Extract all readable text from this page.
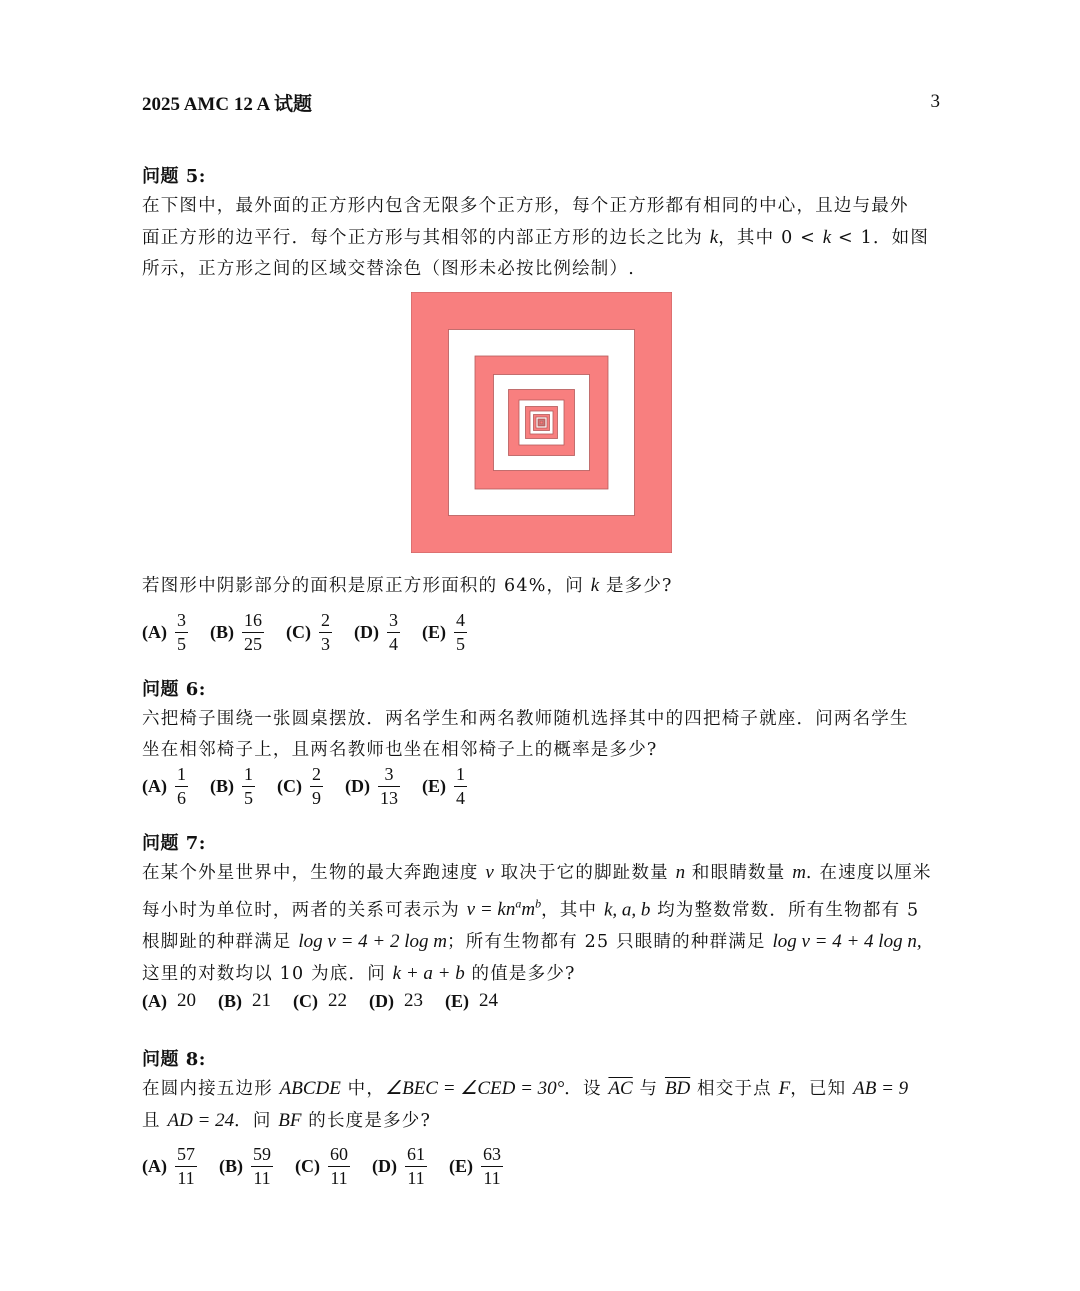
2025 AMC 12 A 试题	3
问题 5:
在下图中，最外面的正方形内包含无限多个正方形，每个正方形都有相同的中心，且边与最外
面正方形的边平行．每个正方形与其相邻的内部正方形的边长之比为 k，其中 0 < k < 1．如图
所示，正方形之间的区域交替涂色（图形未必按比例绘制）.
若图形中阴影部分的面积是原正方形面积的 64%，问 k 是多少?
$(A) \frac{3}{5} (B) \frac{16}{25} (C) \frac{2}{3} (D) \frac{3}{4} (E) \frac{4}{5}$
问题 6:
六把椅子围绕一张圆桌摆放．两名学生和两名教师随机选择其中的四把椅子就座．问两名学生
坐在相邻椅子上，且两名教师也坐在相邻椅子上的概率是多少?
$(A) \frac{1}{6} (B) \frac{1}{5} (C) \frac{2}{9} (D) \frac{3}{13} (E) \frac{1}{4}$
问题 7:
在某个外星世界中，生物的最大奔跑速度 v 取决于它的脚趾数量 n 和眼睛数量 m. 在速度以厘米
每小时为单位时，两者的关系可表示为 $v = kn^am^b$，其中 k, a, b 均为整数常数．所有生物都有 5
根脚趾的种群满足 log v = 4 + 2 log m；所有生物都有 25 只眼睛的种群满足 log v = 4 + 4 log n,
这里的对数均以 10 为底．问 k + a + b 的值是多少?
(A) 20 (B) 21 (C) 22 (D) 23 (E) 24
问题 8:
在圆内接五边形 ABCDE 中，∠BEC = ∠CED = 30°．设 $\overline{AC}$ 与 $\overline{BD}$ 相交于点 F，已知 AB = 9
且 AD = 24．问 BF 的长度是多少?
$(A) \frac{57}{11} (B) \frac{59}{11} (C) \frac{60}{11} (D) \frac{61}{11} (E) \frac{63}{11}$
